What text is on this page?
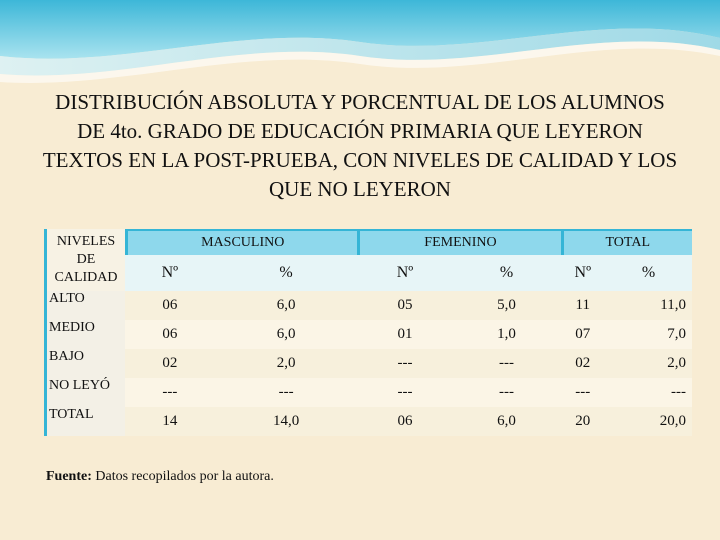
DISTRIBUCIÓN ABSOLUTA Y PORCENTUAL DE LOS ALUMNOS DE 4to. GRADO DE EDUCACIÓN PRIMARIA QUE LEYERON TEXTOS EN LA POST-PRUEBA, CON NIVELES DE CALIDAD Y LOS QUE NO LEYERON
NIVELES DE CALIDAD	MASCULINO		FEMENINO		TOTAL	
	Nº	%	Nº	%	Nº	%
ALTO	06	6,0	05	5,0	11	11,0
MEDIO	06	6,0	01	1,0	07	7,0
BAJO	02	2,0	---	---	02	2,0
NO LEYÓ	---	---	---	---	---	---
TOTAL	14	14,0	06	6,0	20	20,0
Fuente: Datos recopilados por la autora.
